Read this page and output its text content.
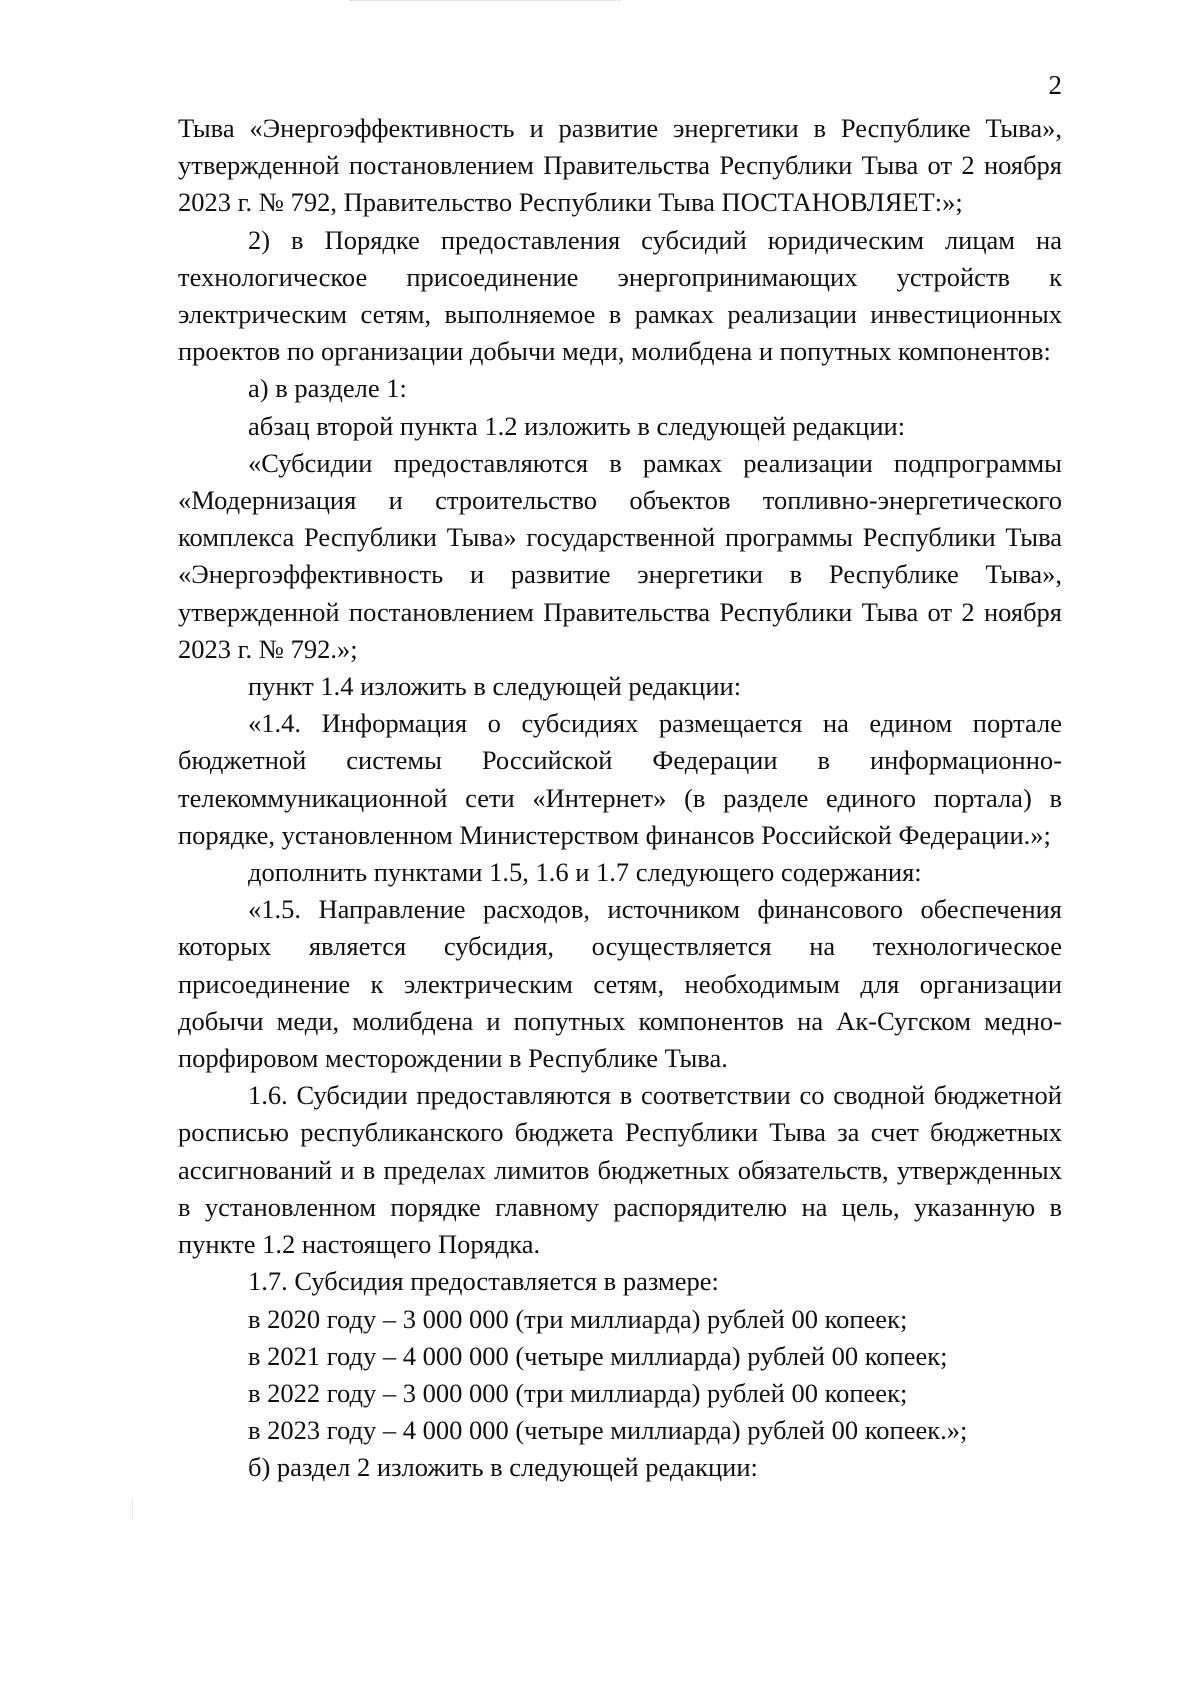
2

Тыва «Энергоэффективность и развитие энергетики в Республике Тыва», утвержденной постановлением Правительства Республики Тыва от 2 ноября 2023 г. № 792, Правительство Республики Тыва ПОСТАНОВЛЯЕТ:»;

2) в Порядке предоставления субсидий юридическим лицам на технологическое присоединение энергопринимающих устройств к электрическим сетям, выполняемое в рамках реализации инвестиционных проектов по организации добычи меди, молибдена и попутных компонентов:

а) в разделе 1:

абзац второй пункта 1.2 изложить в следующей редакции:

«Субсидии предоставляются в рамках реализации подпрограммы «Модернизация и строительство объектов топливно-энергетического комплекса Республики Тыва» государственной программы Республики Тыва «Энергоэффективность и развитие энергетики в Республике Тыва», утвержденной постановлением Правительства Республики Тыва от 2 ноября 2023 г. № 792.»;

пункт 1.4 изложить в следующей редакции:

«1.4. Информация о субсидиях размещается на едином портале бюджетной системы Российской Федерации в информационно-телекоммуникационной сети «Интернет» (в разделе единого портала) в порядке, установленном Министерством финансов Российской Федерации.»;

дополнить пунктами 1.5, 1.6 и 1.7 следующего содержания:

«1.5. Направление расходов, источником финансового обеспечения которых является субсидия, осуществляется на технологическое присоединение к электрическим сетям, необходимым для организации добычи меди, молибдена и попутных компонентов на Ак-Сугском медно-порфировом месторождении в Республике Тыва.

1.6. Субсидии предоставляются в соответствии со сводной бюджетной росписью республиканского бюджета Республики Тыва за счет бюджетных ассигнований и в пределах лимитов бюджетных обязательств, утвержденных в установленном порядке главному распорядителю на цель, указанную в пункте 1.2 настоящего Порядка.

1.7. Субсидия предоставляется в размере:

в 2020 году – 3 000 000 (три миллиарда) рублей 00 копеек;

в 2021 году – 4 000 000 (четыре миллиарда) рублей 00 копеек;

в 2022 году – 3 000 000 (три миллиарда) рублей 00 копеек;

в 2023 году – 4 000 000 (четыре миллиарда) рублей 00 копеек.»;

б) раздел 2 изложить в следующей редакции:
